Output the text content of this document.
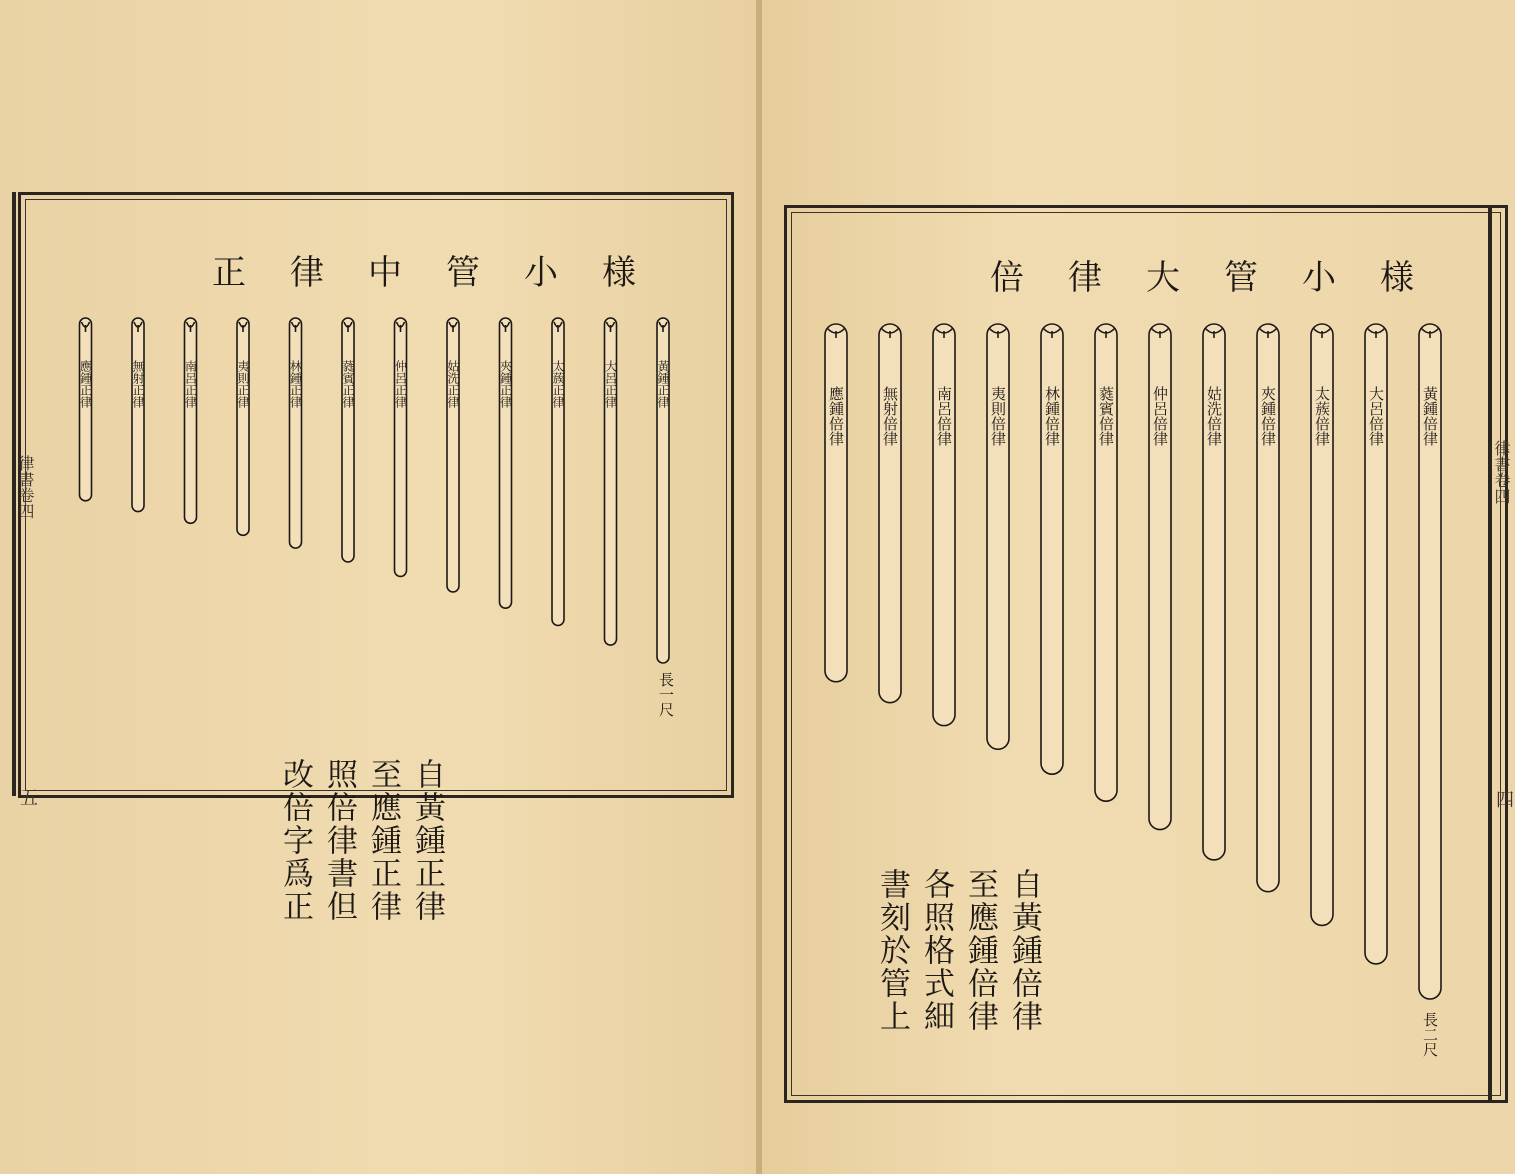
正律中管小様
黃鍾正律
大呂正律
太蔟正律
夾鍾正律
姑洗正律
仲呂正律
蕤賓正律
林鍾正律
夷則正律
南呂正律
無射正律
應鍾正律
長一尺
自黃鍾正律至應鍾正律照倍律書但改倍字爲正
五
律書卷四
倍律大管小様
黃鍾倍律
大呂倍律
太蔟倍律
夾鍾倍律
姑洗倍律
仲呂倍律
蕤賓倍律
林鍾倍律
夷則倍律
南呂倍律
無射倍律
應鍾倍律
長二尺
自黃鍾倍律至應鍾倍律各照格式細書刻於管上
四
律書卷四
